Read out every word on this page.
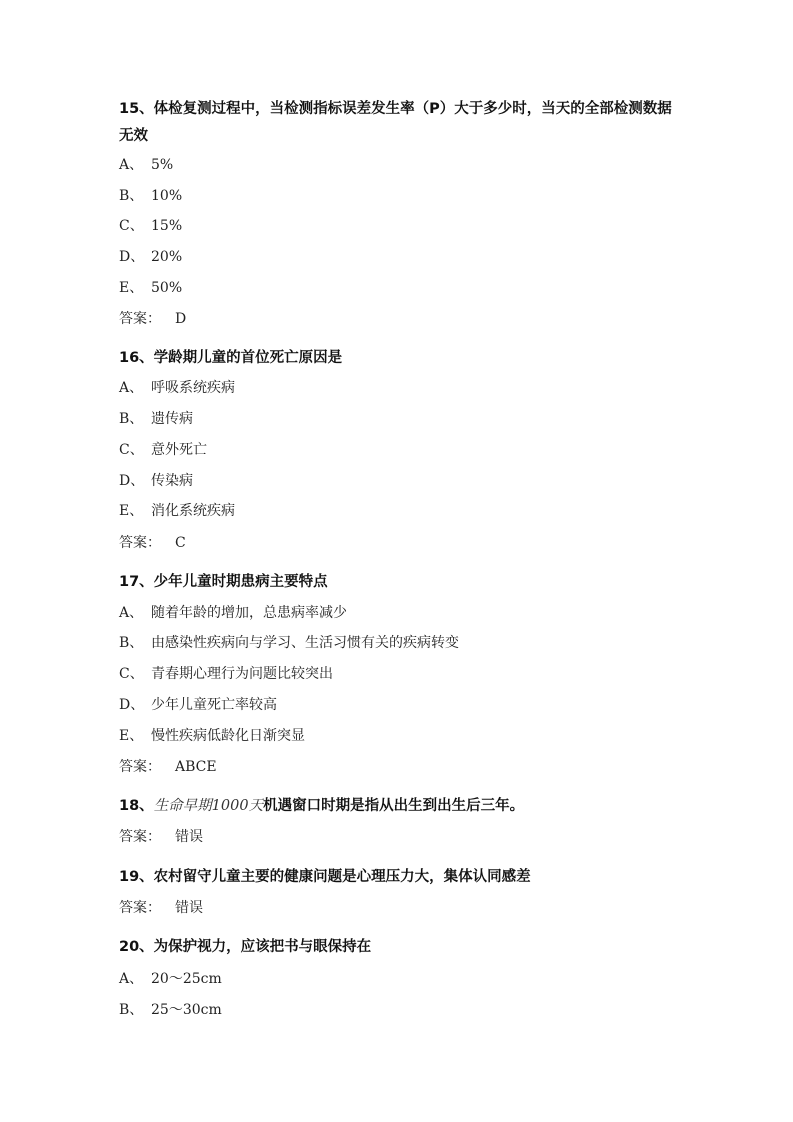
15、体检复测过程中，当检测指标误差发生率（P）大于多少时，当天的全部检测数据无效
A、 5%
B、 10%
C、 15%
D、 20%
E、 50%
答案： D
16、学龄期儿童的首位死亡原因是
A、 呼吸系统疾病
B、 遗传病
C、 意外死亡
D、 传染病
E、 消化系统疾病
答案： C
17、少年儿童时期患病主要特点
A、 随着年龄的增加，总患病率减少
B、 由感染性疾病向与学习、生活习惯有关的疾病转变
C、 青春期心理行为问题比较突出
D、 少年儿童死亡率较高
E、 慢性疾病低龄化日渐突显
答案： ABCE
18、生命早期1000天机遇窗口时期是指从出生到出生后三年。
答案： 错误
19、农村留守儿童主要的健康问题是心理压力大，集体认同感差
答案： 错误
20、为保护视力，应该把书与眼保持在
A、 20～25cm
B、 25～30cm
